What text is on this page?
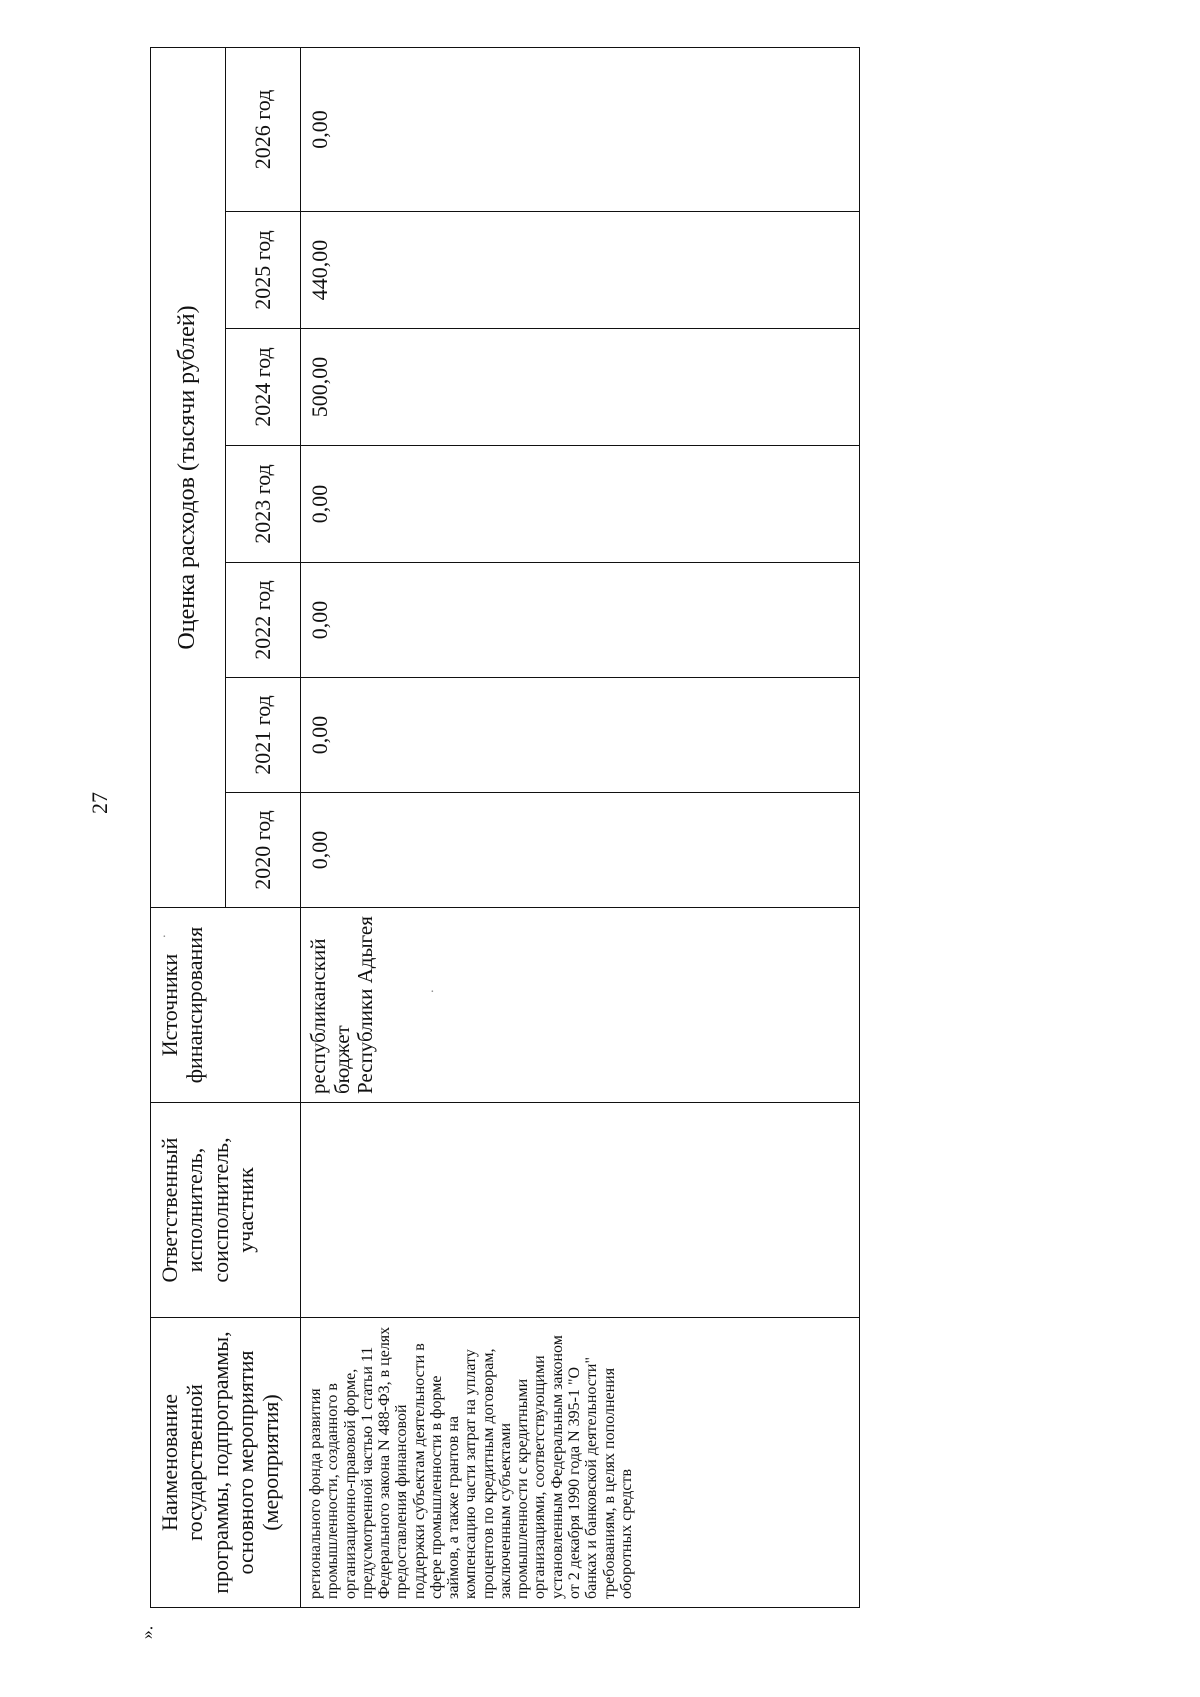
27
Наименование государственной программы, подпрограммы, основного мероприятия (мероприятия)	Ответственный исполнитель, соисполнитель, участник	Источники финансирования	Оценка расходов (тысячи рублей)						
			2020 год	2021 год	2022 год	2023 год	2024 год	2025 год	2026 год
регионального фонда развития промышленности, созданного в организационно-правовой форме, предусмотренной частью 1 статьи 11 Федерального закона N 488-ФЗ, в целях предоставления финансовой поддержки субъектам деятельности в сфере промышленности в форме займов, а также грантов на компенсацию части затрат на уплату процентов по кредитным договорам, заключенным субъектами промышленности с кредитными организациями, соответствующими установленным Федеральным законом от 2 декабря 1990 года N 395-1 "О банках и банковской деятельности" требованиям, в целях пополнения оборотных средств		республиканский бюджет Республики Адыгея	0,00	0,00	0,00	0,00	500,00	440,00	0,00
».
·
·
